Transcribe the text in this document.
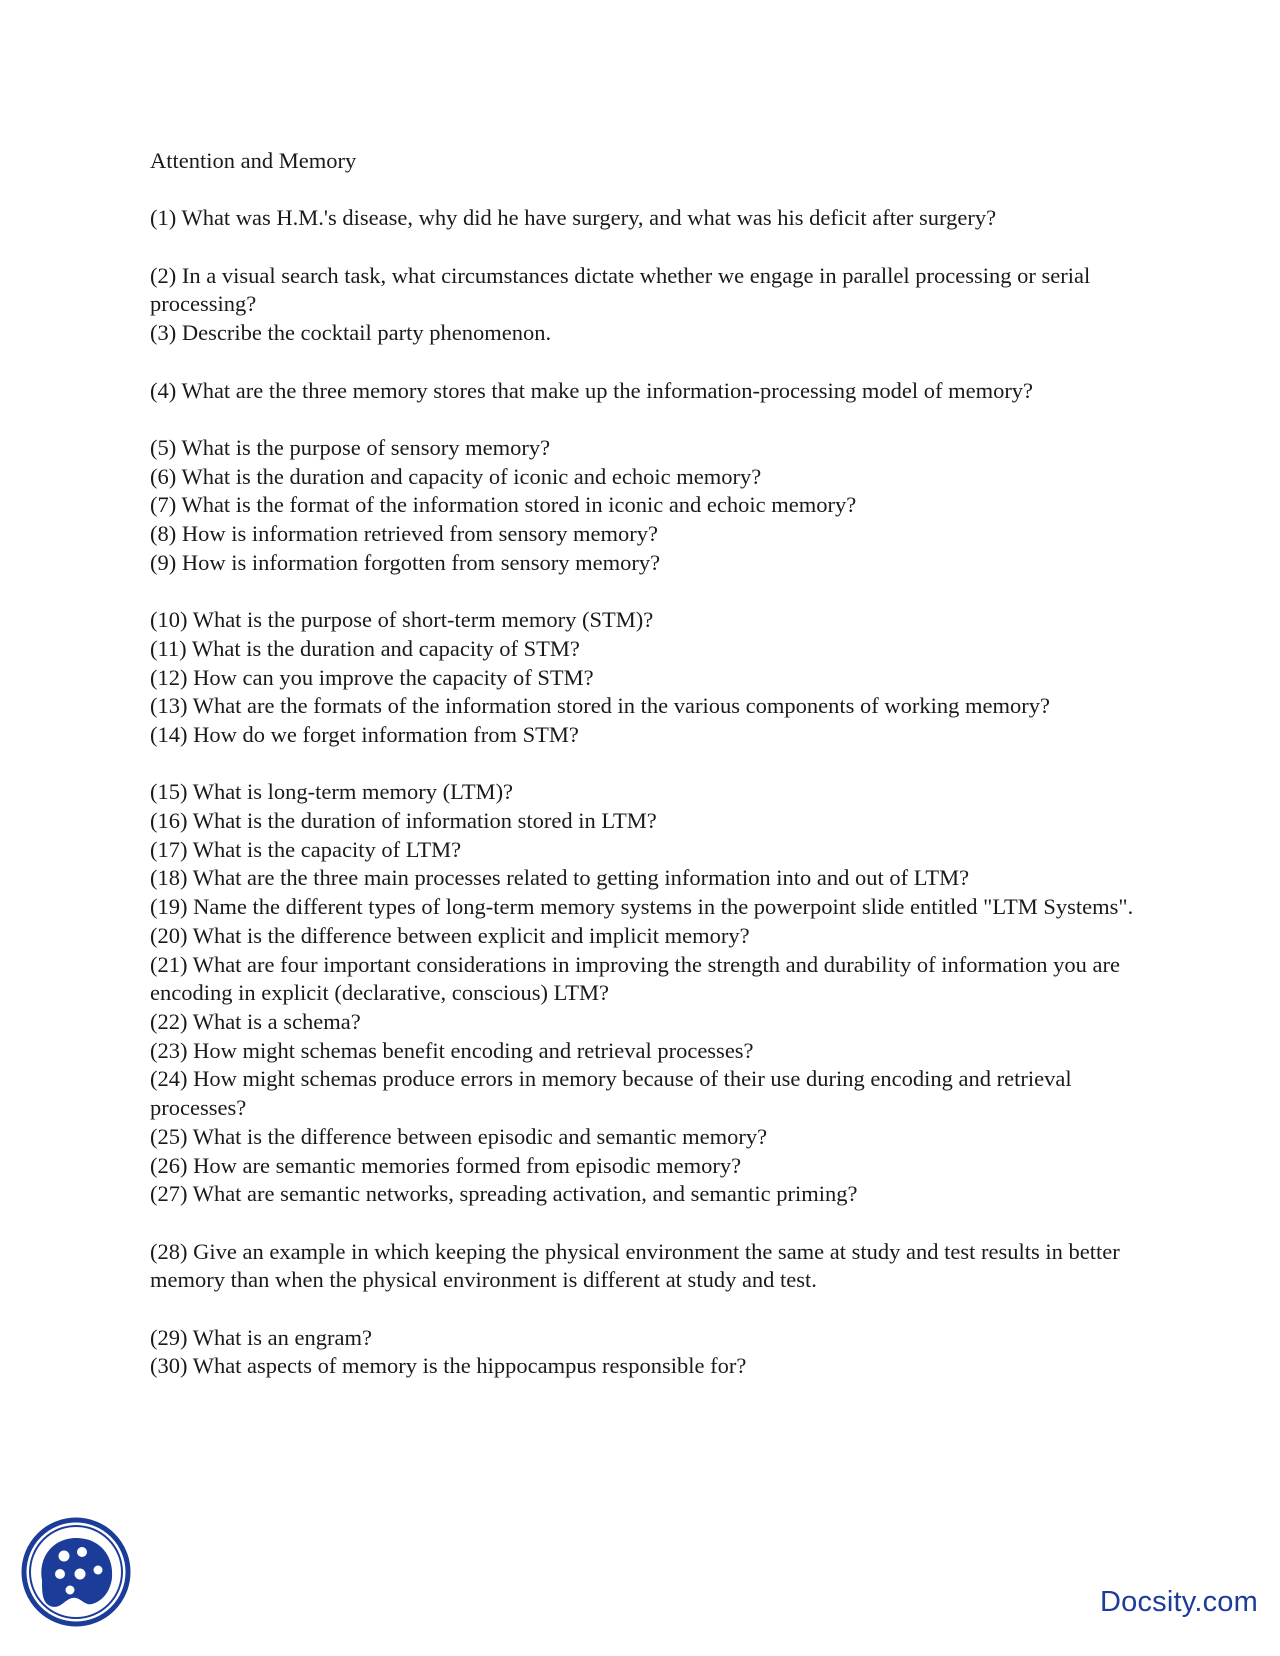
Attention and Memory

(1) What was H.M.'s disease, why did he have surgery, and what was his deficit after surgery?

(2) In a visual search task, what circumstances dictate whether we engage in parallel processing or serial processing?

(3) Describe the cocktail party phenomenon.

(4) What are the three memory stores that make up the information-processing model of memory?

(5) What is the purpose of sensory memory?

(6) What is the duration and capacity of iconic and echoic memory?

(7) What is the format of the information stored in iconic and echoic memory?

(8) How is information retrieved from sensory memory?

(9) How is information forgotten from sensory memory?

(10) What is the purpose of short-term memory (STM)?

(11) What is the duration and capacity of STM?

(12) How can you improve the capacity of STM?

(13) What are the formats of the information stored in the various components of working memory?

(14) How do we forget information from STM?

(15) What is long-term memory (LTM)?

(16) What is the duration of information stored in LTM?

(17) What is the capacity of LTM?

(18) What are the three main processes related to getting information into and out of LTM?

(19) Name the different types of long-term memory systems in the powerpoint slide entitled "LTM Systems".

(20) What is the difference between explicit and implicit memory?

(21) What are four important considerations in improving the strength and durability of information you are encoding in explicit (declarative, conscious) LTM?

(22) What is a schema?

(23) How might schemas benefit encoding and retrieval processes?

(24) How might schemas produce errors in memory because of their use during encoding and retrieval processes?

(25) What is the difference between episodic and semantic memory?

(26) How are semantic memories formed from episodic memory?

(27) What are semantic networks, spreading activation, and semantic priming?

(28) Give an example in which keeping the physical environment the same at study and test results in better memory than when the physical environment is different at study and test.

(29) What is an engram?

(30) What aspects of memory is the hippocampus responsible for?

Docsity.com
